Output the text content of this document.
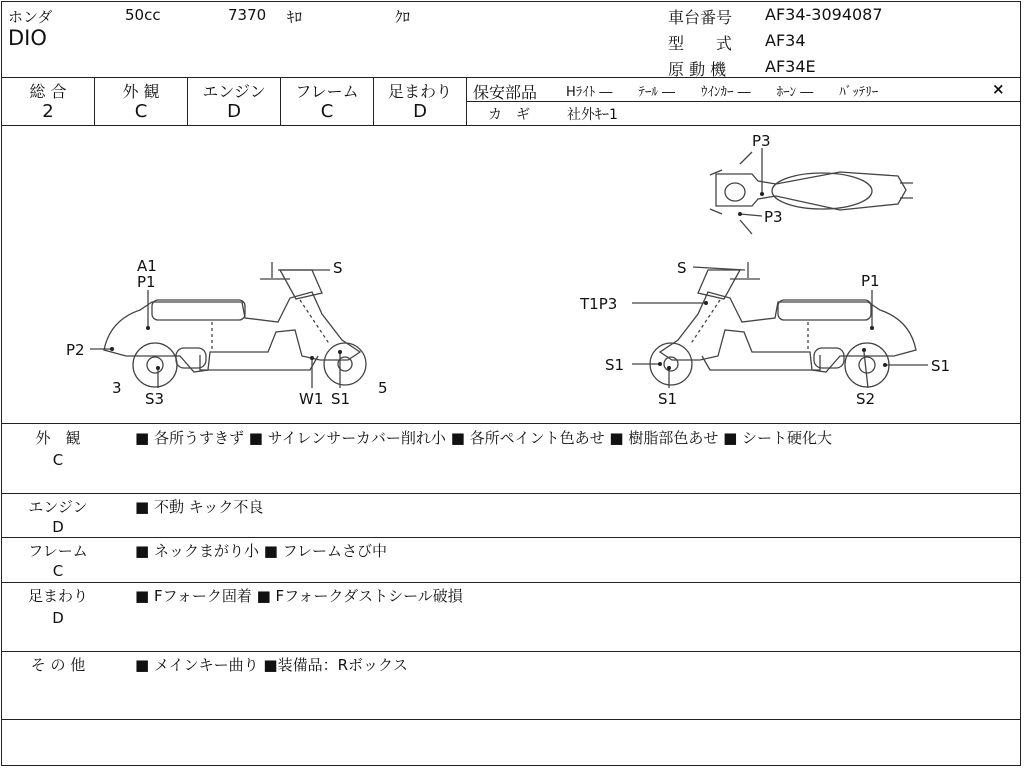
ホンダ	50cc	7370 ｷﾛ	ｸﾛ
DIO
車台番号 AF34-3094087
型　　式 AF34
原 動 機 AF34E
総 合
2
外 観
C
エンジン
D
フレーム
C
足まわり
D
保安部品 Hﾗｲﾄ ―　　ﾃｰﾙ ―　　ｳｲﾝｶｰ ―　　ﾎｰﾝ ―　　ﾊﾞｯﾃﾘｰ	×
カ　ギ	社外ｷｰ1
P3
P3
A1
P1
S
P2
3
S3	W1 S1
5
S
P1
T1P3
S1
S1
S1
S2
外　観
C
■ 各所うすきず ■ サイレンサーカバー削れ小 ■ 各所ペイント色あせ ■ 樹脂部色あせ ■ シート硬化大
エンジン
D
■ 不動 キック不良
フレーム
C
■ ネックまがり小 ■ フレームさび中
足まわり
D
■ Fフォーク固着 ■ Fフォークダストシール破損
そ の 他	■ メインキー曲り ■装備品：Rボックス
